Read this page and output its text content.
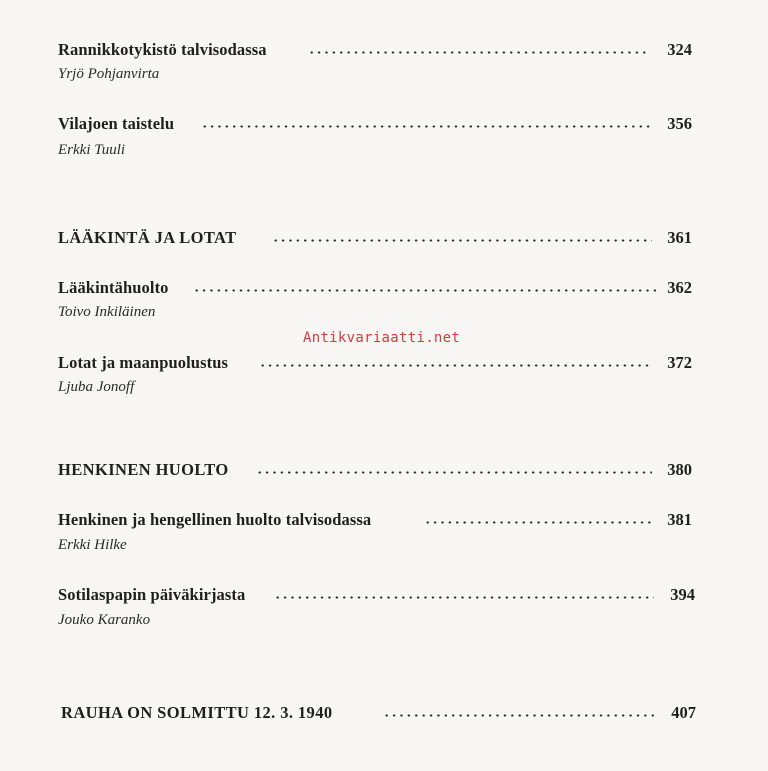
Rannikkotykistö talvisodassa	324
Yrjö Pohjanvirta
Vilajoen taistelu	356
Erkki Tuuli
LÄÄKINTÄ JA LOTAT	361
Lääkintähuolto	362
Toivo Inkiläinen
Antikvariaatti.net
Lotat ja maanpuolustus	372
Ljuba Jonoff
HENKINEN HUOLTO	380
Henkinen ja hengellinen huolto talvisodassa	381
Erkki Hilke
Sotilaspapin päiväkirjasta	394
Jouko Karanko
RAUHA ON SOLMITTU 12. 3. 1940	407
